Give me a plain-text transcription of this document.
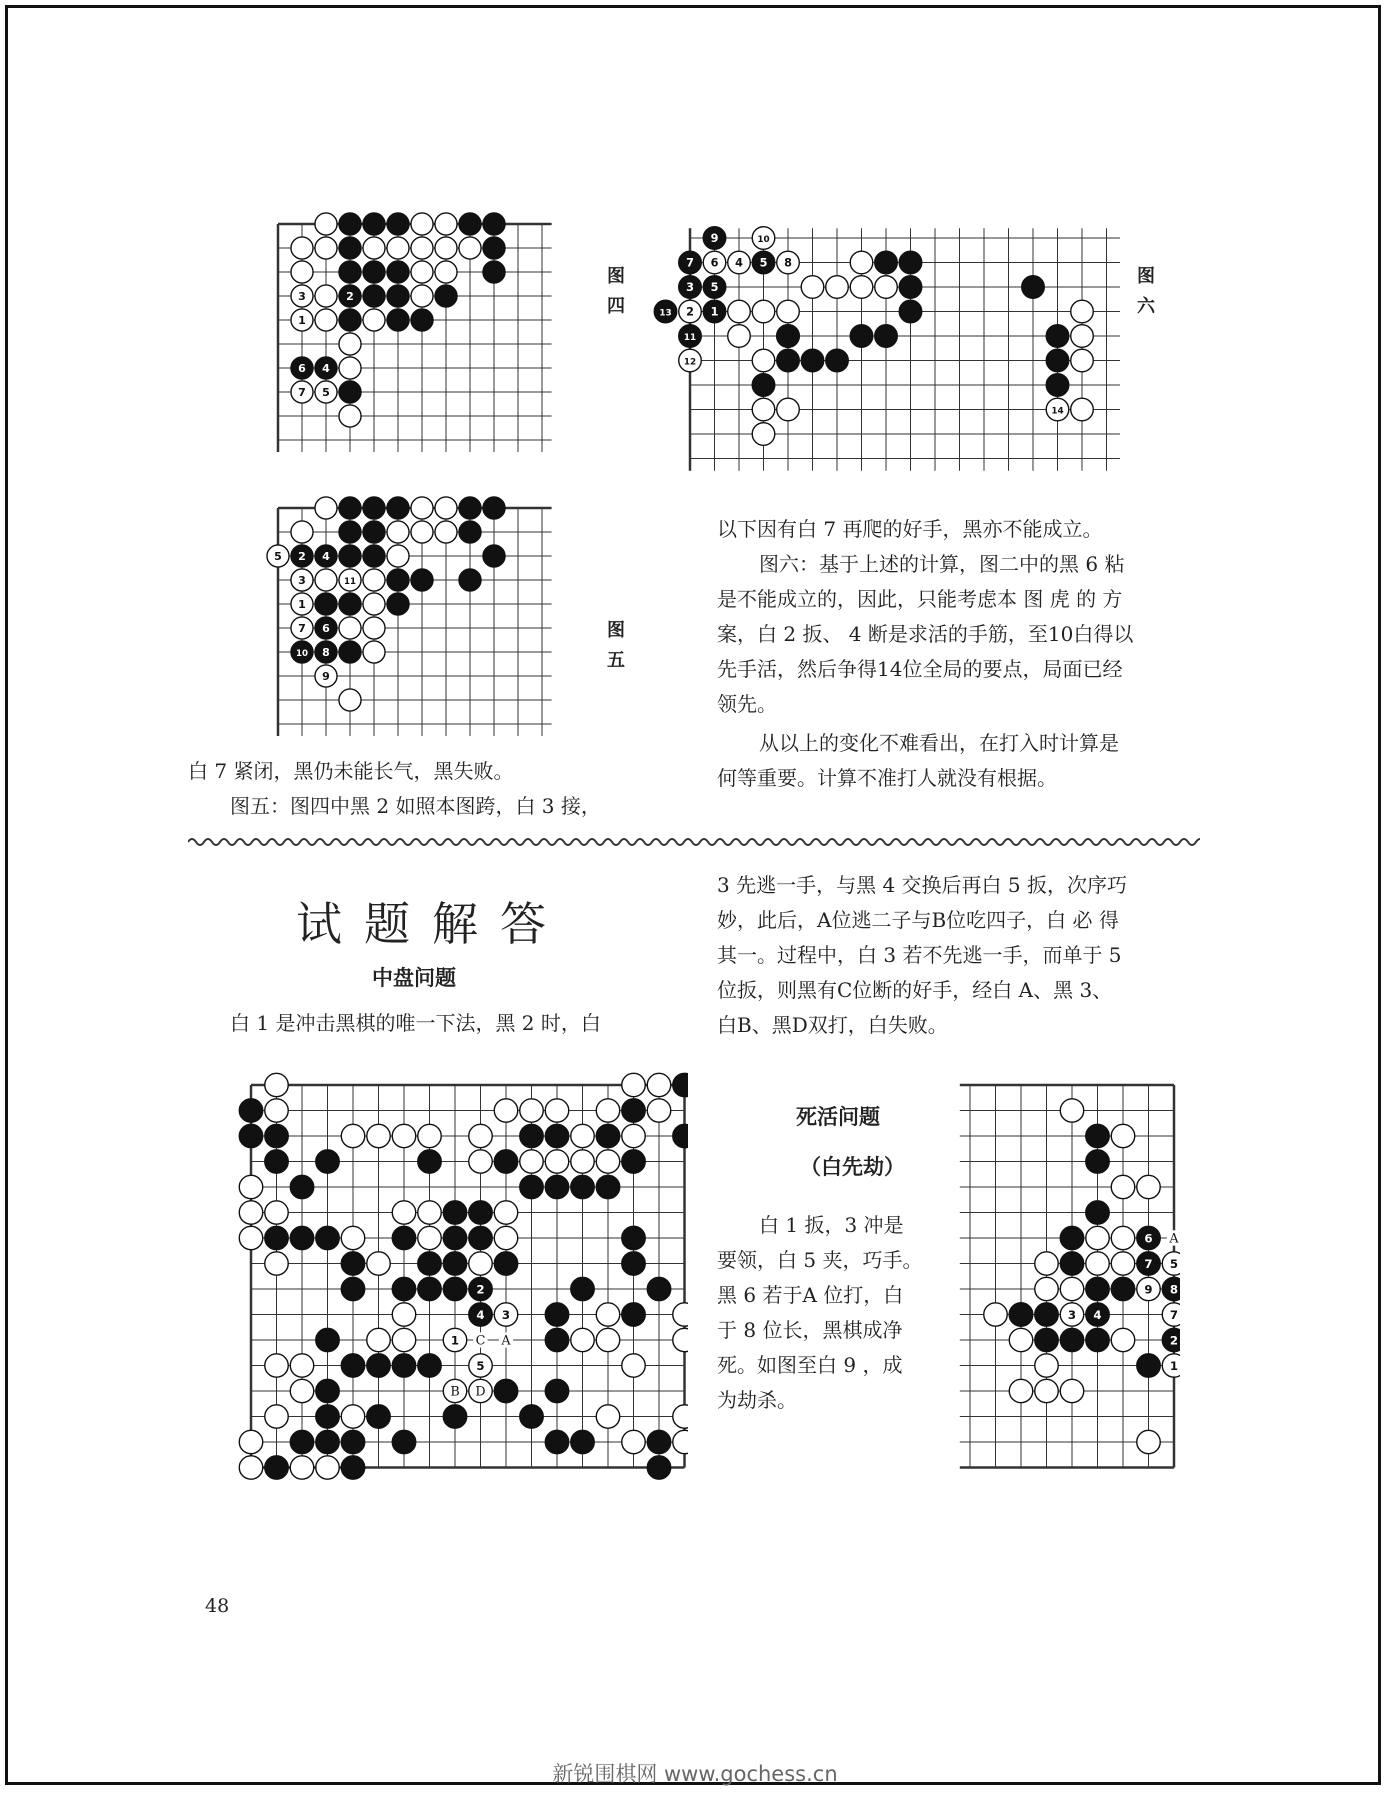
3	2
1
6 4
7 5
图四
5 2 4
3	11
1
7 6
10 8
9	图五
9	10
7 6 4 5 8
3 5
13 2 1
11
12
14
图六

白 7 紧闭，黑仍未能长气，黑失败。

图五：图四中黑 2 如照本图跨，白 3 接，

以下因有白 7 再爬的好手，黑亦不能成立。

图六：基于上述的计算，图二中的黑 6 粘

是不能成立的，因此，只能考虑本 图 虎 的 方

案，白 2 扳、 4 断是求活的手筋，至10白得以

先手活，然后争得14位全局的要点，局面已经

领先。

从以上的变化不难看出，在打入时计算是

何等重要。计算不准打人就没有根据。

试题解答
中盘问题

白 1 是冲击黑棋的唯一下法，黑 2 时，白

3 先逃一手，与黑 4 交换后再白 5 扳，次序巧

妙，此后，A位逃二子与B位吃四子，白 必 得

其一。过程中，白 3 若不先逃一手，而单于 5

位扳，则黑有C位断的好手，经白 A、黑 3、

白B、黑D双打，白失败。

2
4 3
1
5
C A
B D
死活问题
（白先劫）

白 1 扳，3 冲是

要领，白 5 夹，巧手。

黑 6 若于A 位打，白

于 8 位长，黑棋成净

死。如图至白 9 ，成

为劫杀。

6
7 5
9 8
7
3 4
2
1
A
48
新锐围棋网 www.gochess.cn
